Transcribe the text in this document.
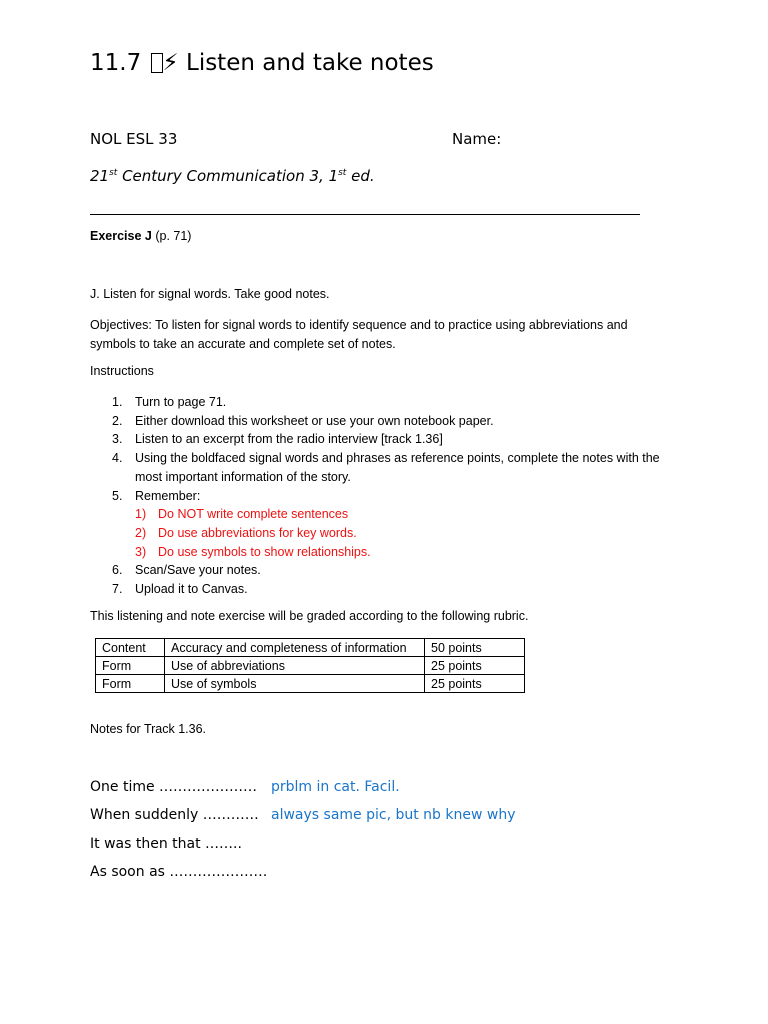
11.7 ⚡ Listen and take notes
NOL ESL 33	Name:
21st Century Communication 3, 1st ed.
Exercise J (p. 71)
J. Listen for signal words. Take good notes.
Objectives: To listen for signal words to identify sequence and to practice using abbreviations and symbols to take an accurate and complete set of notes.
Instructions
1. Turn to page 71.
2. Either download this worksheet or use your own notebook paper.
3. Listen to an excerpt from the radio interview [track 1.36]
4. Using the boldfaced signal words and phrases as reference points, complete the notes with the most important information of the story.
5. Remember:
1) Do NOT write complete sentences
2) Do use abbreviations for key words.
3) Do use symbols to show relationships.
6. Scan/Save your notes.
7. Upload it to Canvas.
This listening and note exercise will be graded according to the following rubric.
Content	Accuracy and completeness of information	50 points
Form	Use of abbreviations	25 points
Form	Use of symbols	25 points
Notes for Track 1.36.
One time ………………… prblm in cat. Facil.
When suddenly ………… always same pic, but nb knew why
It was then that ……..
As soon as …………………
